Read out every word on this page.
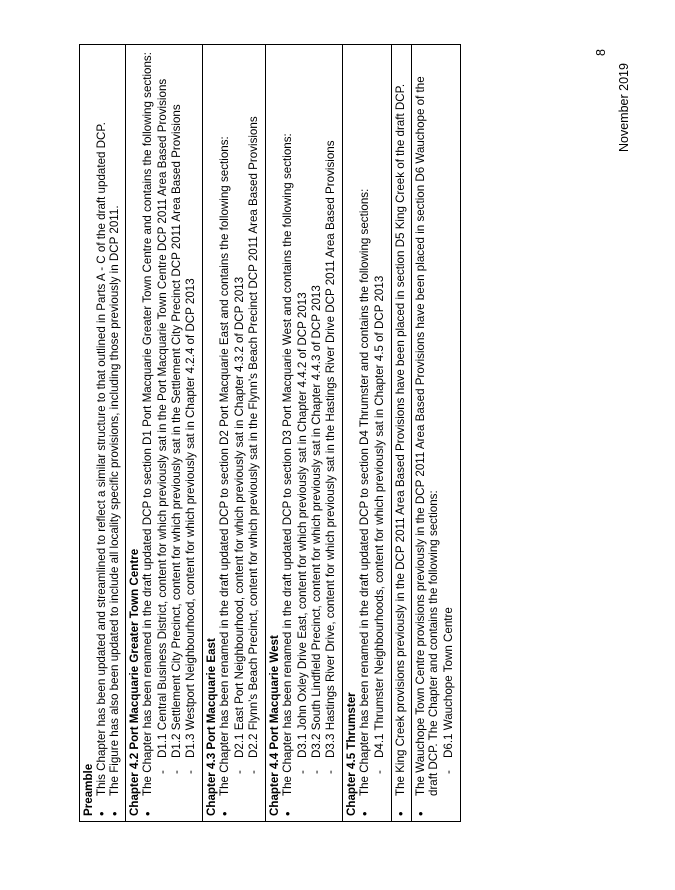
8
November 2019
Preamble • This Chapter has been updated and streamlined to reflect a similar structure to that outlined in Parts A - C of the draft updated DCP. • The Figure has also been updated to include all locality specific provisions, including those previously in DCP 2011.

Chapter 4.2 Port Macquarie Greater Town Centre • The Chapter has been renamed in the draft updated DCP to section D1 Port Macquarie Greater Town Centre and contains the following sections: - D1.1 Central Business District, content for which previously sat in the Port Macquarie Town Centre DCP 2011 Area Based Provisions - D1.2 Settlement City Precinct, content for which previously sat in the Settlement City Precinct DCP 2011 Area Based Provisions - D1.3 Westport Neighbourhood, content for which previously sat in Chapter 4.2.4 of DCP 2013

Chapter 4.3 Port Macquarie East • The Chapter has been renamed in the draft updated DCP to section D2 Port Macquarie East and contains the following sections: - D2.1 East Port Neighbourhood, content for which previously sat in Chapter 4.3.2 of DCP 2013 - D2.2 Flynn’s Beach Precinct, content for which previously sat in the Flynn’s Beach Precinct DCP 2011 Area Based Provisions

Chapter 4.4 Port Macquarie West • The Chapter has been renamed in the draft updated DCP to section D3 Port Macquarie West and contains the following sections: - D3.1 John Oxley Drive East, content for which previously sat in Chapter 4.4.2 of DCP 2013 - D3.2 South Lindfield Precinct, content for which previously sat in Chapter 4.4.3 of DCP 2013 - D3.3 Hastings River Drive, content for which previously sat in the Hastings River Drive DCP 2011 Area Based Provisions

Chapter 4.5 Thrumster • The Chapter has been renamed in the draft updated DCP to section D4 Thrumster and contains the following sections: - D4.1 Thrumster Neighbourhoods, content for which previously sat in Chapter 4.5 of DCP 2013

• The King Creek provisions previously in the DCP 2011 Area Based Provisions have been placed in section D5 King Creek of the draft DCP.

• The Wauchope Town Centre provisions previously in the DCP 2011 Area Based Provisions have been placed in section D6 Wauchope of the draft DCP. The Chapter and contains the following sections: - D6.1 Wauchope Town Centre
